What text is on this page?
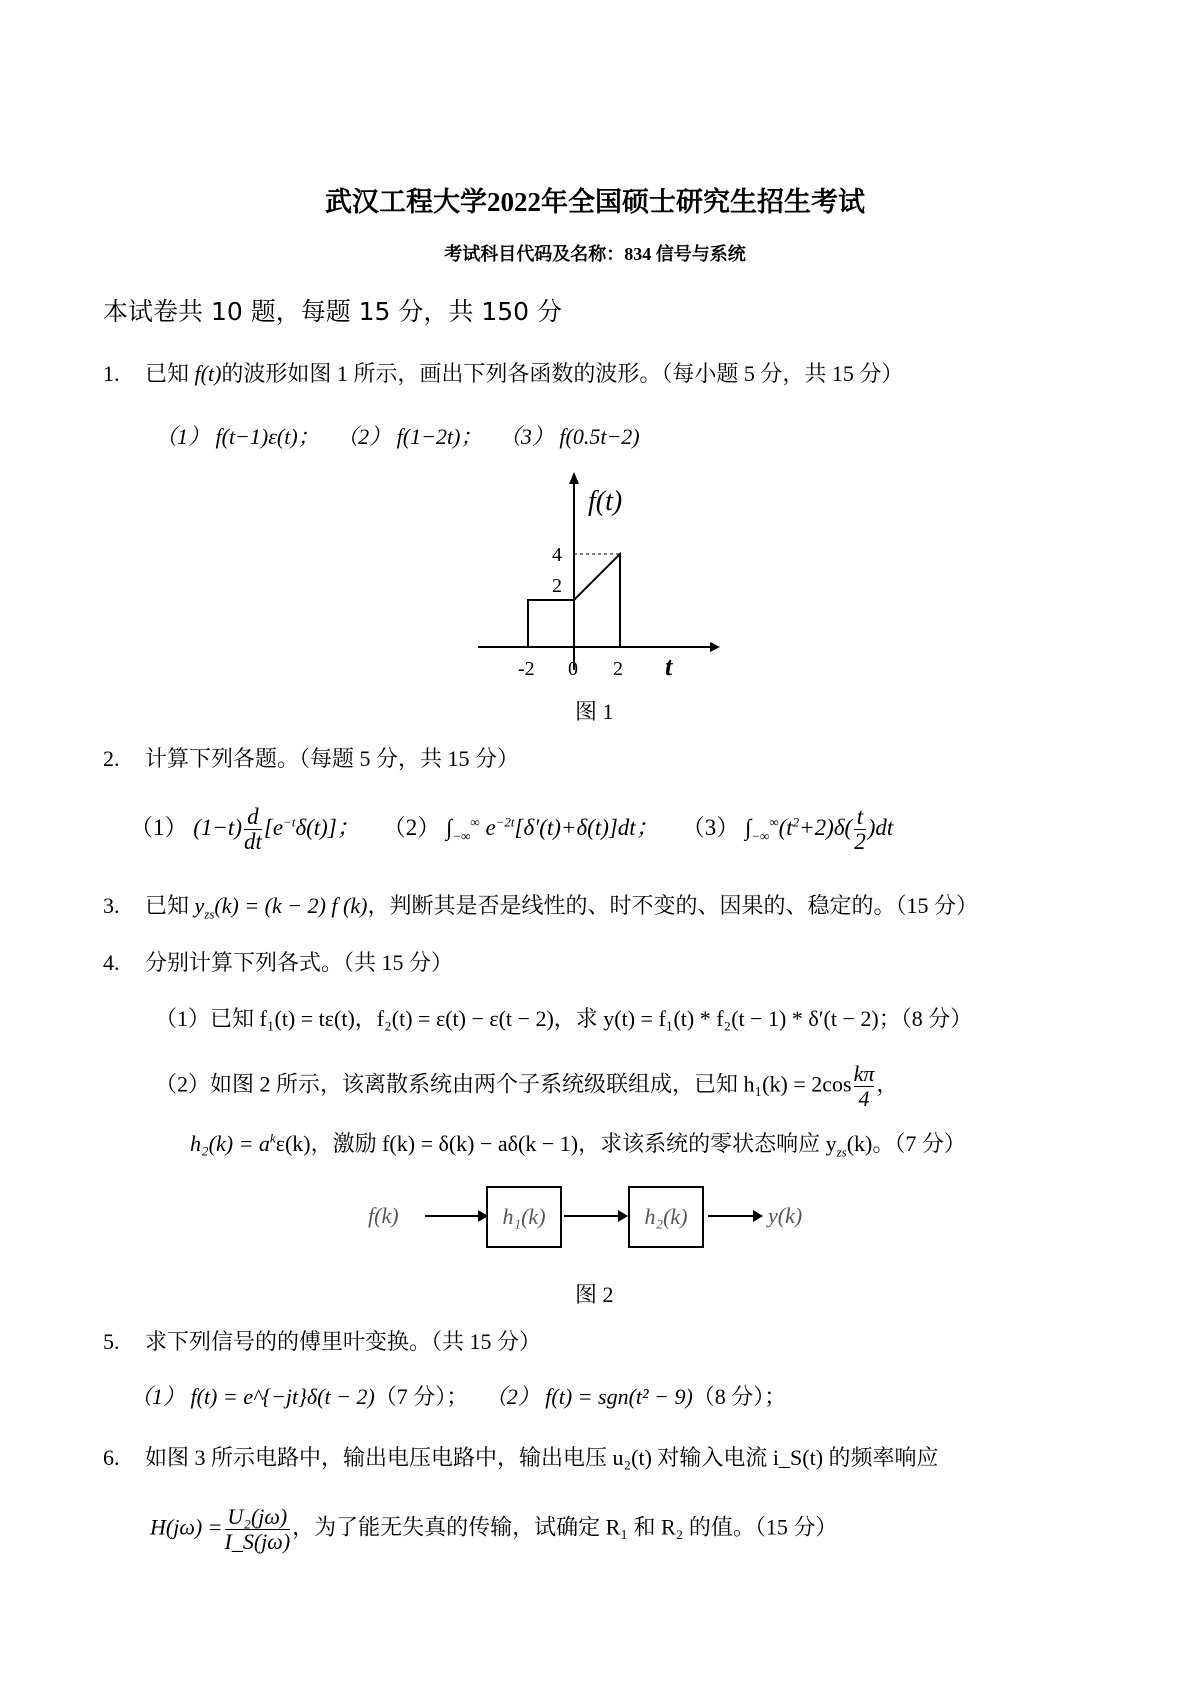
武汉工程大学2022年全国硕士研究生招生考试
考试科目代码及名称：834 信号与系统
本试卷共 10 题，每题 15 分，共 150 分
1. 已知 f(t)的波形如图 1 所示，画出下列各函数的波形。（每小题 5 分，共 15 分）
（1） f(t−1)ε(t)； （2） f(1−2t)； （3） f(0.5t−2)
f(t)
4
2
-2 0 2 t
图 1
2. 计算下列各题。（每题 5 分，共 15 分）
（1） $(1-t) \frac{d}{dt} [e^{-t}\delta(t)]$； （2） $\int_{-\infty}^\infty$ $e^{-2t}[\delta'(t)+\delta(t)]dt$； （3） $\int_{-\infty}^\infty(t^2+2)\delta( \frac{t}{2} )dt$
3. 已知 $y_{zs}(k) = (k - 2)$ f (k)，判断其是否是线性的、时不变的、因果的、稳定的。（15 分）
4. 分别计算下列各式。（共 15 分）
（1）已知 f₁(t) = tε(t)，f₂(t) = ε(t) − ε(t − 2)，求 y(t) = f₁(t) * f₂(t − 1) * δ′(t − 2)；（8 分）
（2）如图 2 所示，该离散系统由两个子系统级联组成，已知 $h_1(k) = 2\cos \frac{k\pi}{4}$ ，
$h_2(k) = a^k\varepsilon(k)$，激励 f(k) = δ(k) − aδ(k − 1)，求该系统的零状态响应 $y_{zs}(k)$。（7 分）
f(k)	h₁(k)	h₂(k)	y(k)
图 2
5. 求下列信号的的傅里叶变换。（共 15 分）
（1） f(t) = e^{−jt}δ(t − 2)（7 分）； （2） f(t) = sgn(t² − 9)（8 分）；
6. 如图 3 所示电路中，输出电压电路中，输出电压 u₂(t) 对输入电流 i_S(t) 的频率响应
$H(j\omega) = \frac{\text{U₂(jω)}}{I\_S(j\omega)}$ ，为了能无失真的传输，试确定 R₁ 和 R₂ 的值。（15 分）
